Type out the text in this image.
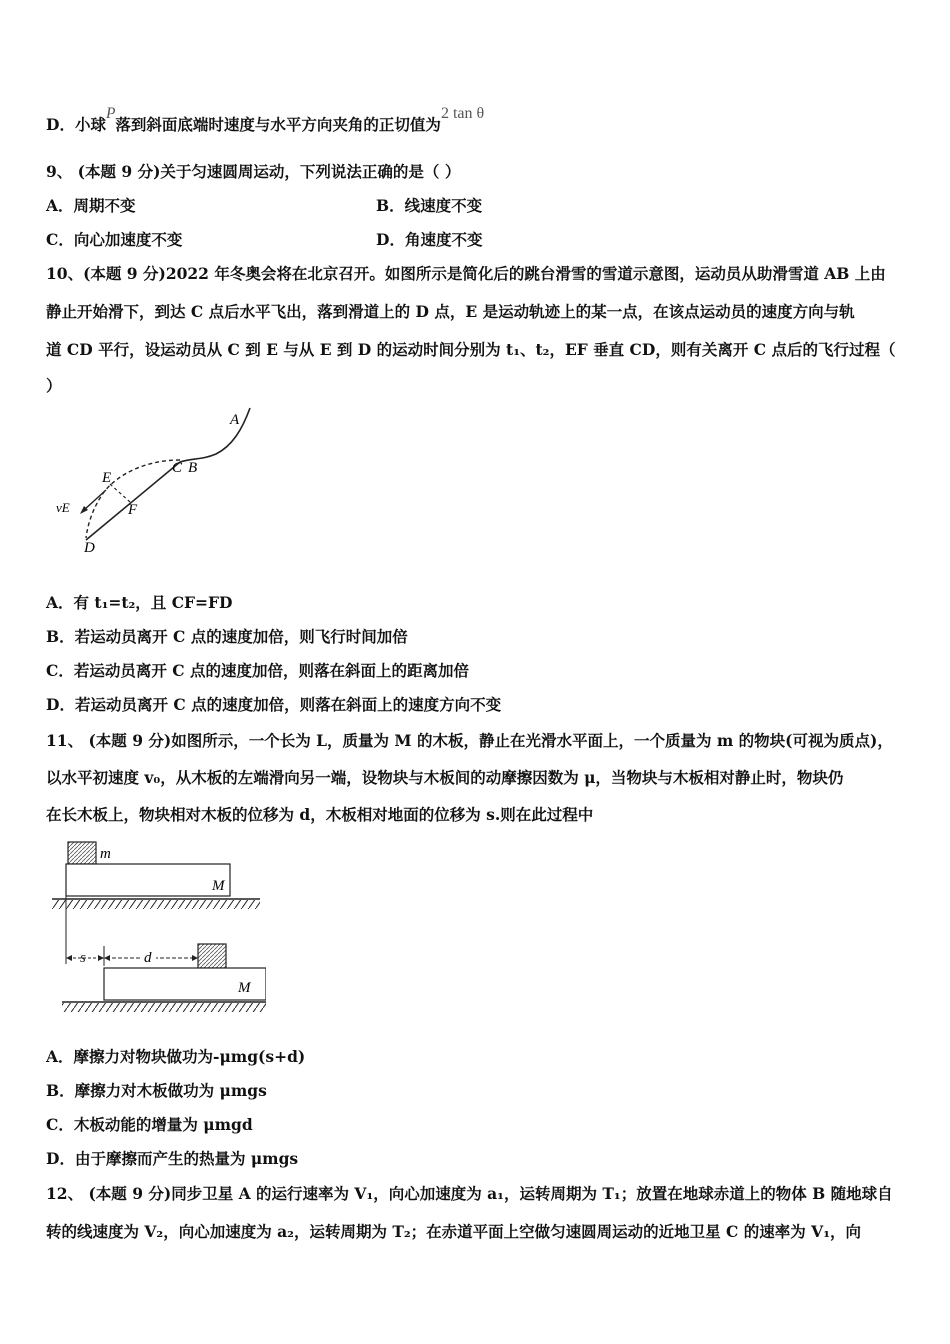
D．小球P落到斜面底端时速度与水平方向夹角的正切值为2 tan θ
9、 (本题 9 分)关于匀速圆周运动，下列说法正确的是（ ）
A．周期不变	B．线速度不变
C．向心加速度不变	D．角速度不变
10、(本题 9 分)2022 年冬奥会将在北京召开。如图所示是简化后的跳台滑雪的雪道示意图，运动员从助滑雪道 AB 上由
静止开始滑下，到达 C 点后水平飞出，落到滑道上的 D 点，E 是运动轨迹上的某一点，在该点运动员的速度方向与轨
道 CD 平行，设运动员从 C 到 E 与从 E 到 D 的运动时间分别为 t₁、t₂，EF 垂直 CD，则有关离开 C 点后的飞行过程（
）
A
C B
E
F
D
vE
A．有 t₁=t₂，且 CF=FD
B．若运动员离开 C 点的速度加倍，则飞行时间加倍
C．若运动员离开 C 点的速度加倍，则落在斜面上的距离加倍
D．若运动员离开 C 点的速度加倍，则落在斜面上的速度方向不变
11、 (本题 9 分)如图所示，一个长为 L，质量为 M 的木板，静止在光滑水平面上，一个质量为 m 的物块(可视为质点)，
以水平初速度 v₀，从木板的左端滑向另一端，设物块与木板间的动摩擦因数为 μ，当物块与木板相对静止时，物块仍
在长木板上，物块相对木板的位移为 d，木板相对地面的位移为 s.则在此过程中
m
M
s	d
M
A．摩擦力对物块做功为-μmg(s+d)
B．摩擦力对木板做功为 μmgs
C．木板动能的增量为 μmgd
D．由于摩擦而产生的热量为 μmgs
12、 (本题 9 分)同步卫星 A 的运行速率为 V₁，向心加速度为 a₁，运转周期为 T₁；放置在地球赤道上的物体 B 随地球自
转的线速度为 V₂，向心加速度为 a₂，运转周期为 T₂；在赤道平面上空做匀速圆周运动的近地卫星 C 的速率为 V₁，向
